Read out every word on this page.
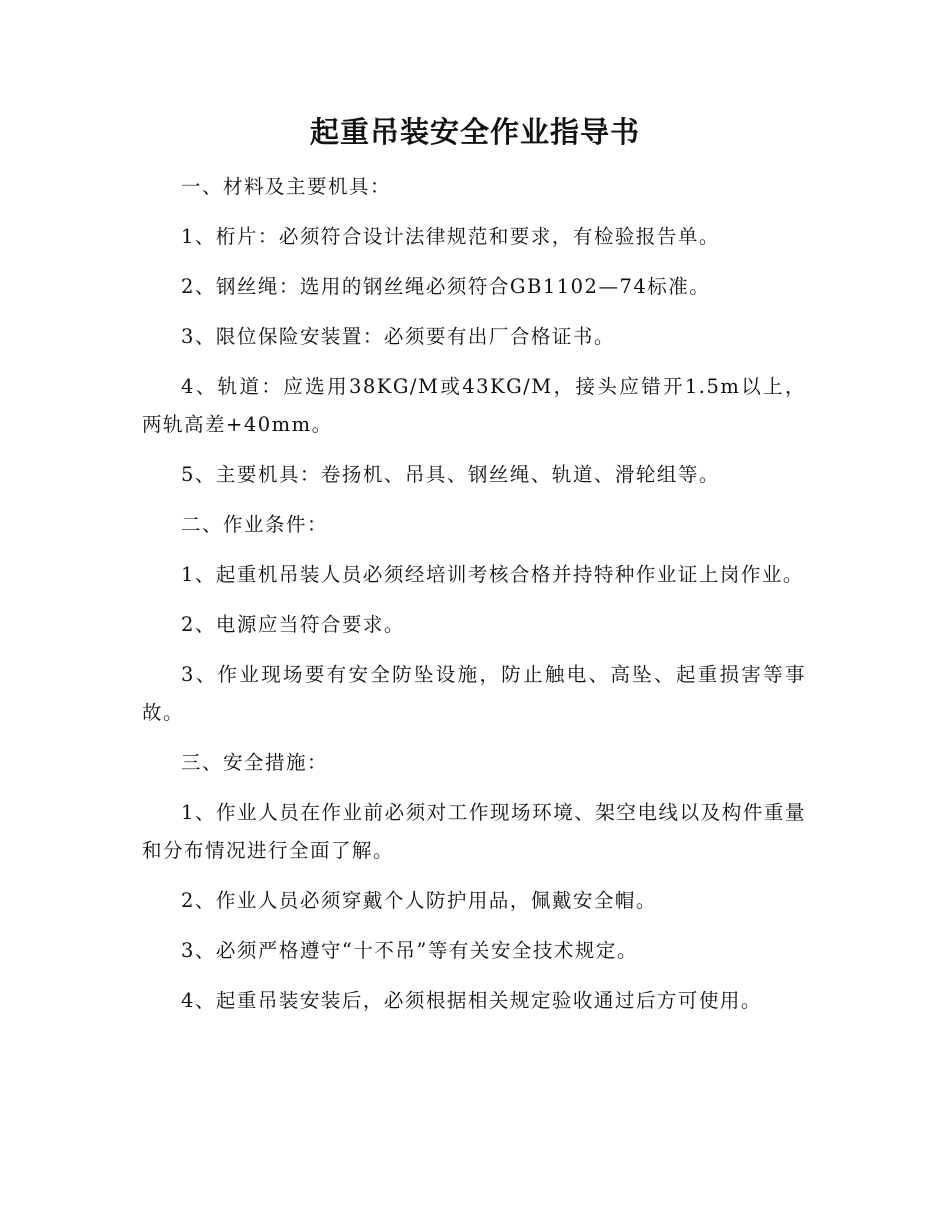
起重吊装安全作业指导书

一、材料及主要机具：

1、桁片：必须符合设计法律规范和要求，有检验报告单。

2、钢丝绳：选用的钢丝绳必须符合GB1102—74标准。

3、限位保险安装置：必须要有出厂合格证书。

4、轨道：应选用38KG/M或43KG/M，接头应错开1.5m以上，两轨高差+40mm。

5、主要机具：卷扬机、吊具、钢丝绳、轨道、滑轮组等。

二、作业条件：

1、起重机吊装人员必须经培训考核合格并持特种作业证上岗作业。

2、电源应当符合要求。

3、作业现场要有安全防坠设施，防止触电、高坠、起重损害等事故。

三、安全措施：

1、作业人员在作业前必须对工作现场环境、架空电线以及构件重量和分布情况进行全面了解。

2、作业人员必须穿戴个人防护用品，佩戴安全帽。

3、必须严格遵守“十不吊”等有关安全技术规定。

4、起重吊装安装后，必须根据相关规定验收通过后方可使用。
